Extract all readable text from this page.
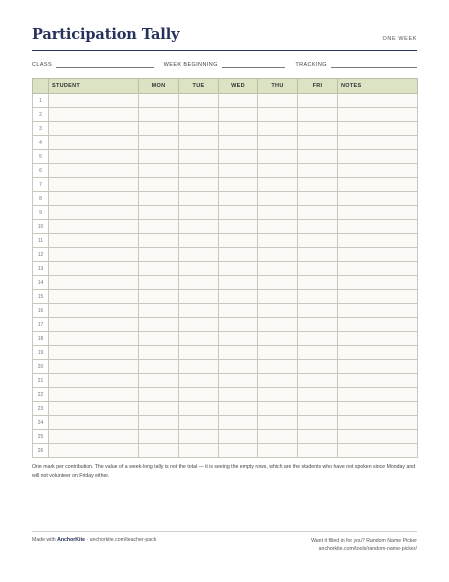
Participation Tally	ONE WEEK
CLASS	WEEK BEGINNING	TRACKING
	STUDENT	MON	TUE	WED	THU	FRI	NOTES
1							
2							
3							
4							
5							
6							
7							
8							
9							
10							
11							
12							
13							
14							
15							
16							
17							
18							
19							
20							
21							
22							
23							
24							
25							
26							
One mark per contribution. The value of a week-long tally is not the total — it is seeing the empty rows, which are the students who have not spoken since Monday and will not volunteer on Friday either.
Made with AnchorKite · anchorkite.com/teacher-pack	Want it filled in for you? Random Name Picker
anchorkite.com/tools/random-name-picker/
